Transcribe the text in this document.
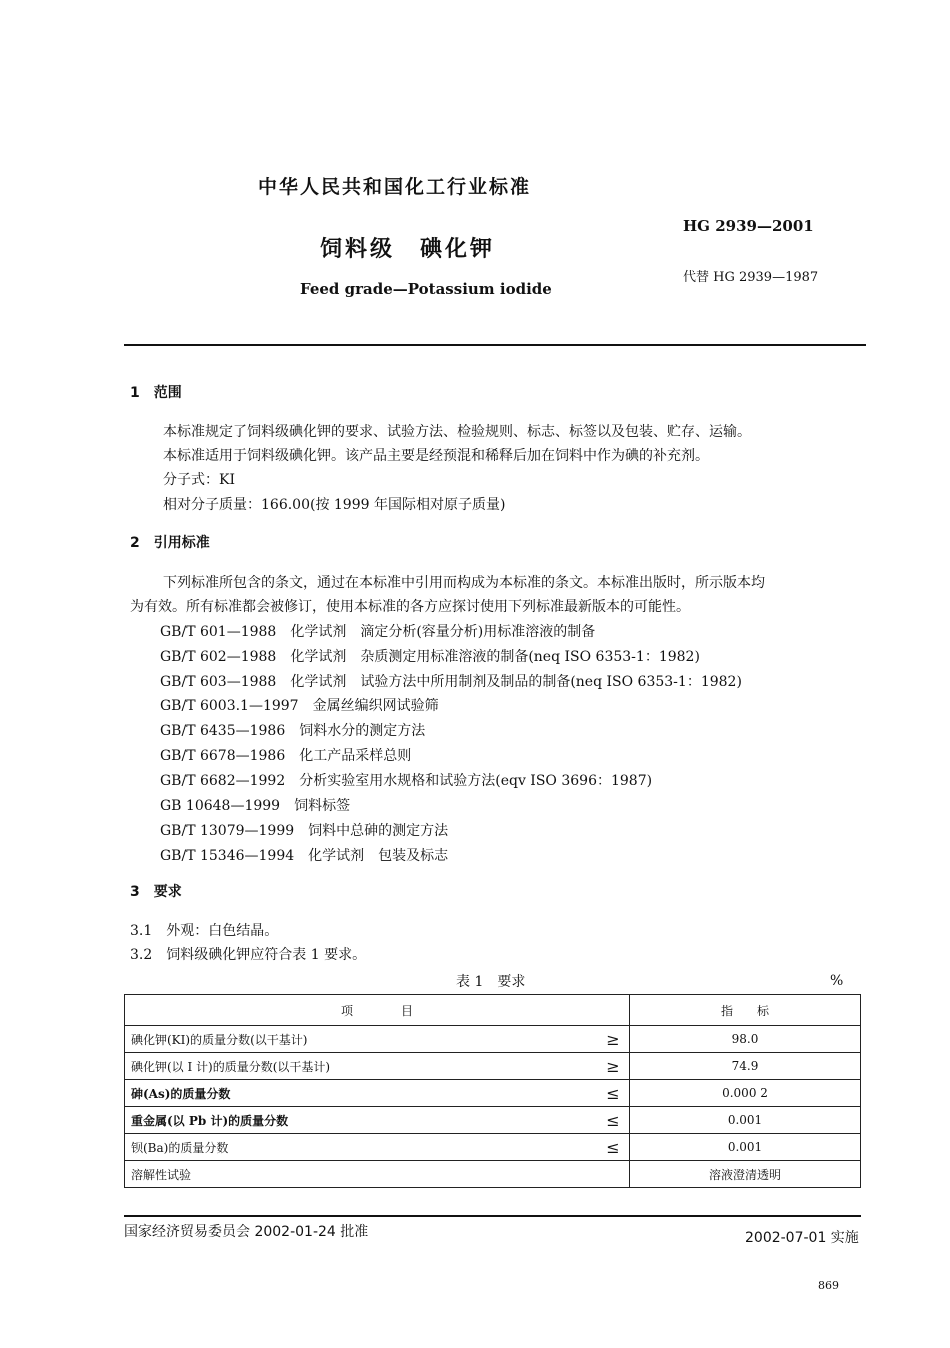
中华人民共和国化工行业标准
HG 2939—2001
饲料级　碘化钾
代替 HG 2939—1987
Feed grade—Potassium iodide
1　范围
本标准规定了饲料级碘化钾的要求、试验方法、检验规则、标志、标签以及包装、贮存、运输。
本标准适用于饲料级碘化钾。该产品主要是经预混和稀释后加在饲料中作为碘的补充剂。
分子式：KI
相对分子质量：166.00(按 1999 年国际相对原子质量)
2　引用标准
下列标准所包含的条文，通过在本标准中引用而构成为本标准的条文。本标准出版时，所示版本均
为有效。所有标准都会被修订，使用本标准的各方应探讨使用下列标准最新版本的可能性。
GB/T 601—1988 化学试剂　滴定分析(容量分析)用标准溶液的制备
GB/T 602—1988 化学试剂　杂质测定用标准溶液的制备(neq ISO 6353-1：1982)
GB/T 603—1988 化学试剂　试验方法中所用制剂及制品的制备(neq ISO 6353-1：1982)
GB/T 6003.1—1997 金属丝编织网试验筛
GB/T 6435—1986 饲料水分的测定方法
GB/T 6678—1986 化工产品采样总则
GB/T 6682—1992 分析实验室用水规格和试验方法(eqv ISO 3696：1987)
GB 10648—1999 饲料标签
GB/T 13079—1999 饲料中总砷的测定方法
GB/T 15346—1994 化学试剂　包装及标志
3　要求
3.1　外观：白色结晶。
3.2　饲料级碘化钾应符合表 1 要求。
表 1　要求	%
项　　　　目		指　　标
碘化钾(KI)的质量分数(以干基计)	≥	98.0
碘化钾(以 I 计)的质量分数(以干基计)	≥	74.9
砷(As)的质量分数	≤	0.000 2
重金属(以 Pb 计)的质量分数	≤	0.001
钡(Ba)的质量分数	≤	0.001
溶解性试验		溶液澄清透明
国家经济贸易委员会 2002-01-24 批准	2002-07-01 实施
869
